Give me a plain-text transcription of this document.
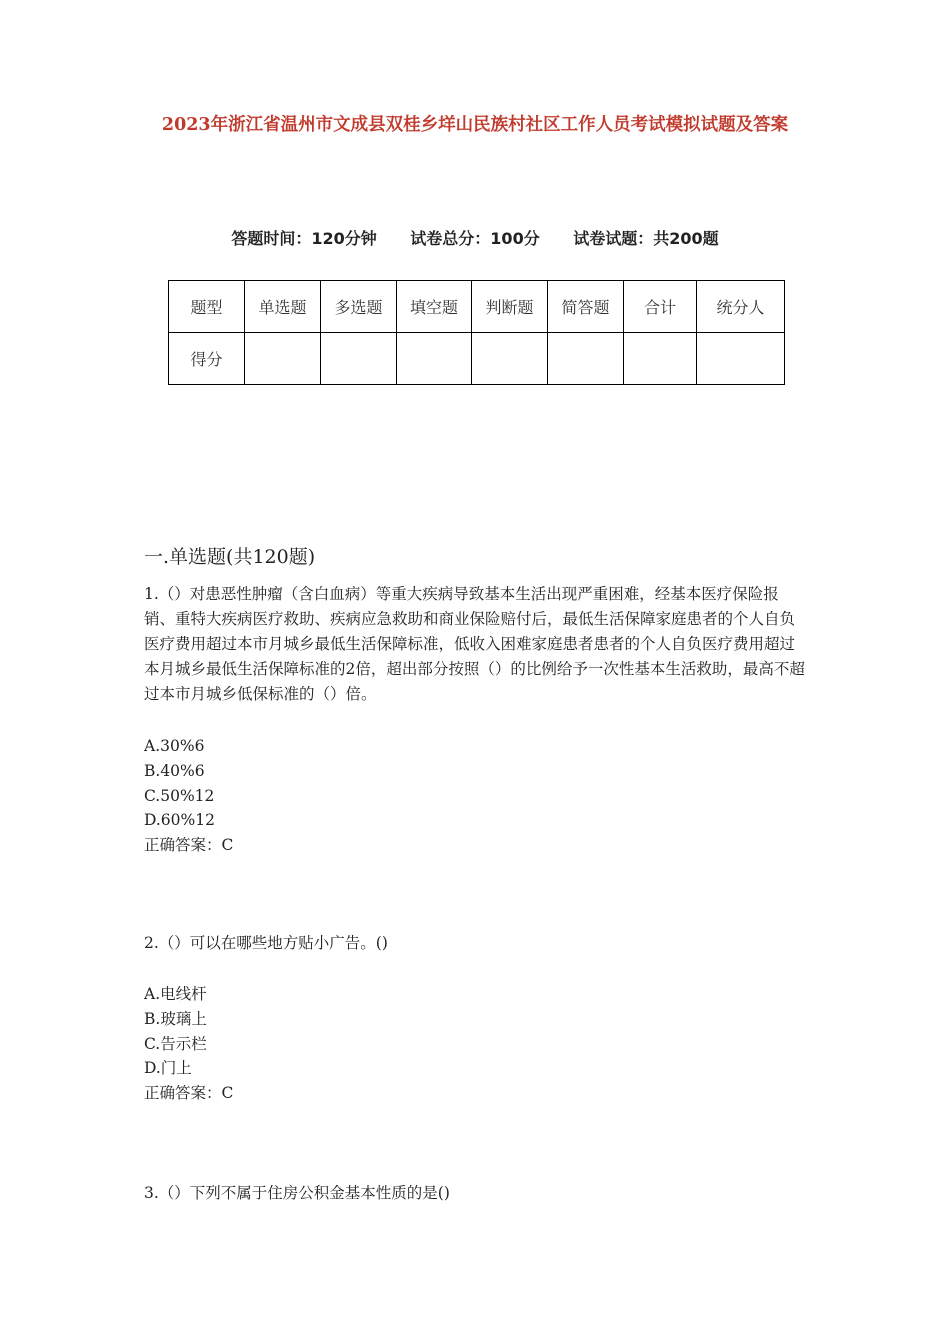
2023年浙江省温州市文成县双桂乡垟山民族村社区工作人员考试模拟试题及答案
答题时间：120分钟 试卷总分：100分 试卷试题：共200题
题型	单选题	多选题	填空题	判断题	简答题	合计	统分人
得分							
一.单选题(共120题)

1.（）对患恶性肿瘤（含白血病）等重大疾病导致基本生活出现严重困难，经基本医疗保险报销、重特大疾病医疗救助、疾病应急救助和商业保险赔付后，最低生活保障家庭患者的个人自负医疗费用超过本市月城乡最低生活保障标准，低收入困难家庭患者患者的个人自负医疗费用超过本月城乡最低生活保障标准的2倍，超出部分按照（）的比例给予一次性基本生活救助，最高不超过本市月城乡低保标准的（）倍。

A.30%6
B.40%6
C.50%12
D.60%12
正确答案：C

2.（）可以在哪些地方贴小广告。()

A.电线杆
B.玻璃上
C.告示栏
D.门上
正确答案：C

3.（）下列不属于住房公积金基本性质的是()
